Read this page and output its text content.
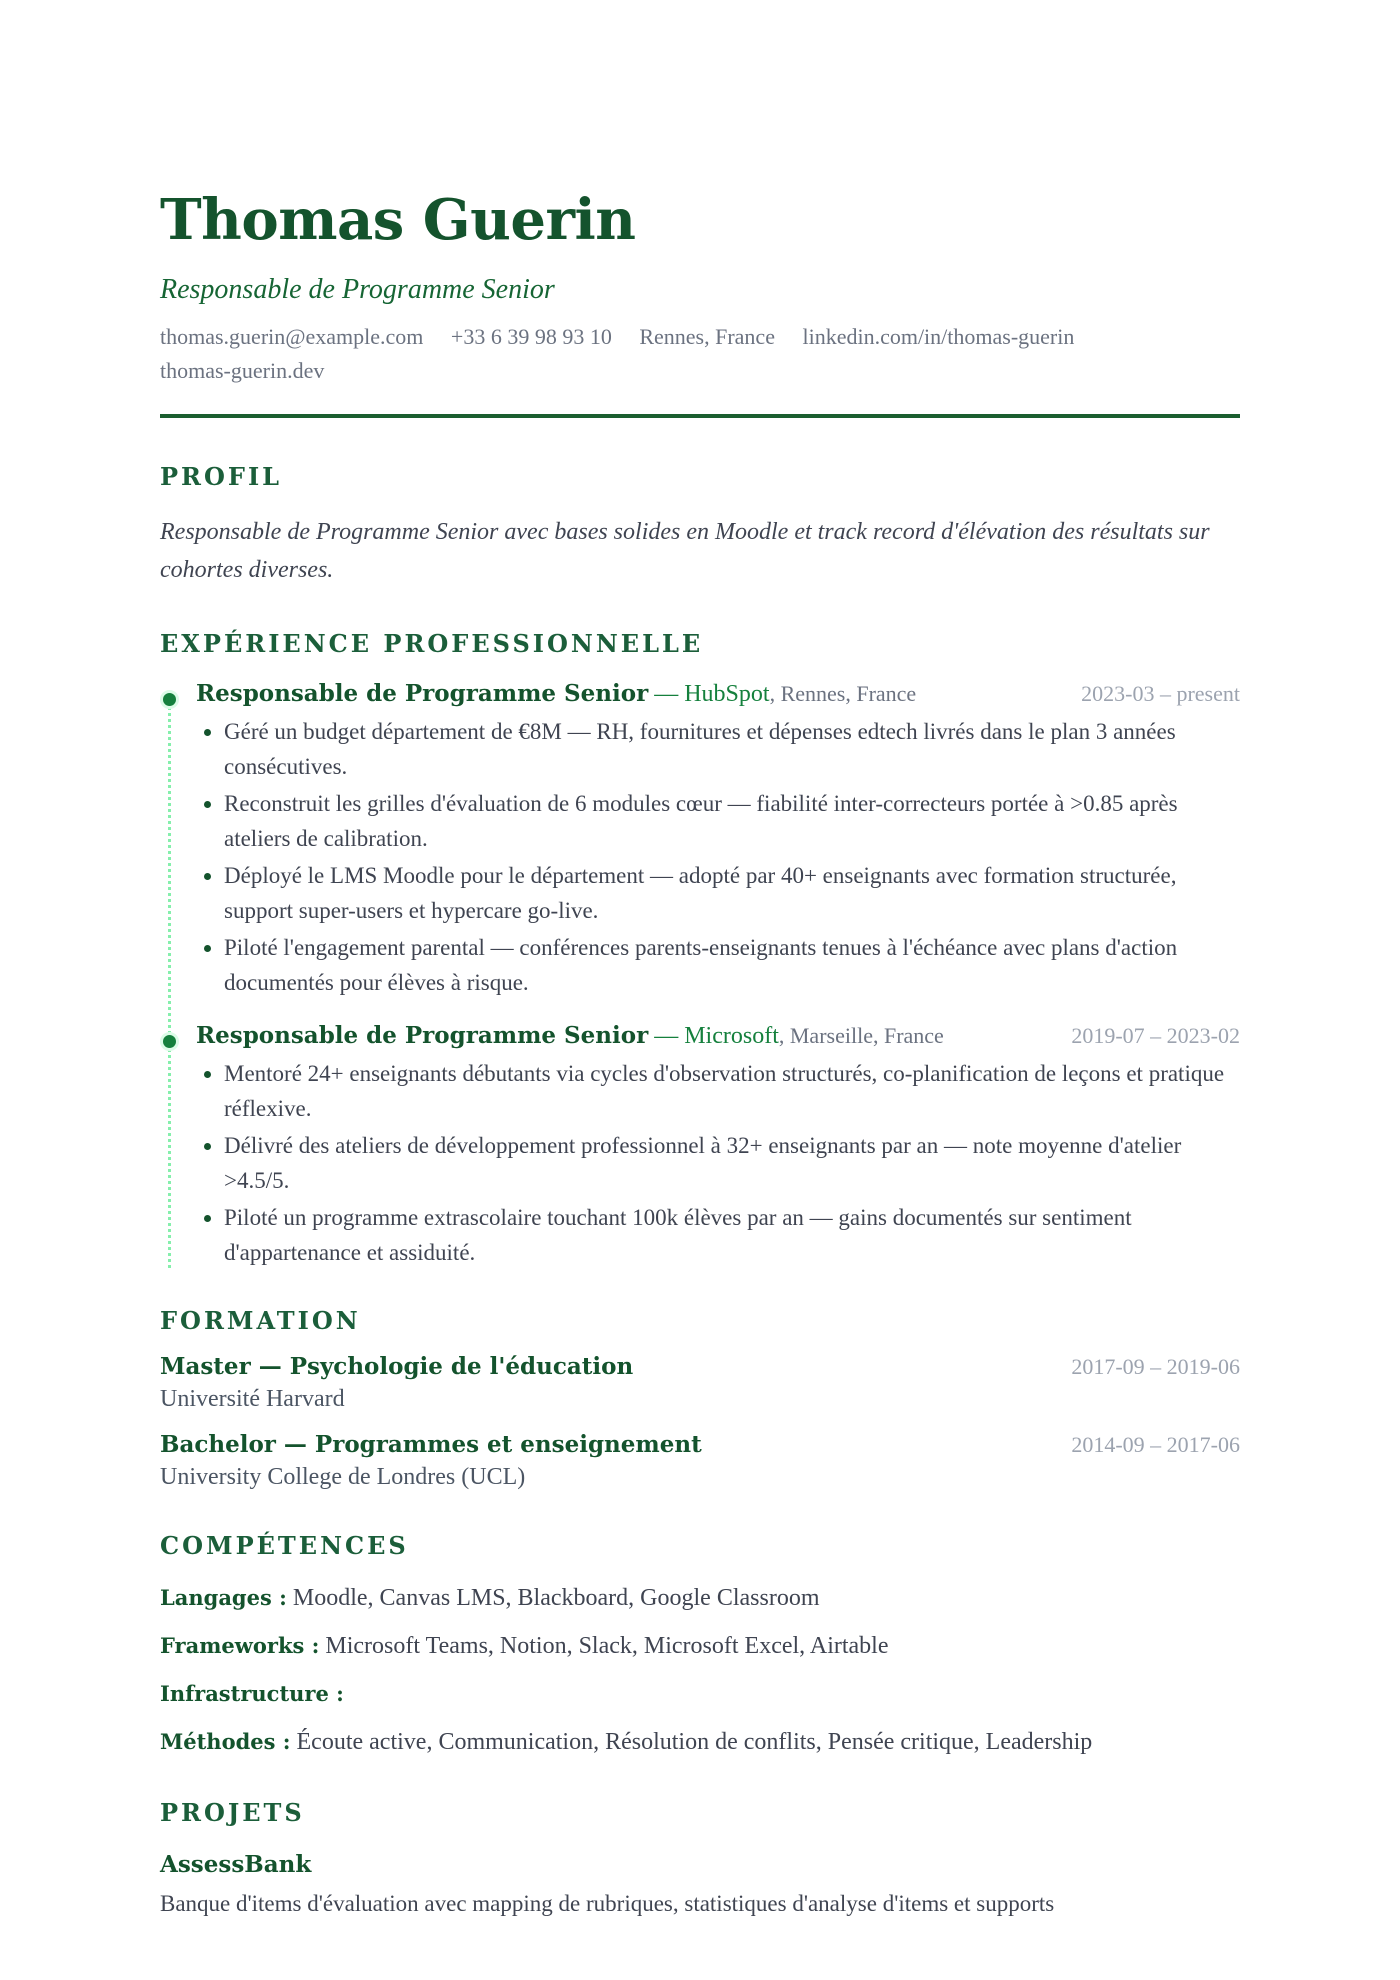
Thomas Guerin
Responsable de Programme Senior
thomas.guerin@example.com +33 6 39 98 93 10 Rennes, France linkedin.com/in/thomas-guerin thomas-guerin.dev
PROFIL
Responsable de Programme Senior avec bases solides en Moodle et track record d'élévation des résultats sur cohortes diverses.
EXPÉRIENCE PROFESSIONNELLE
Responsable de Programme Senior — HubSpot, Rennes, France	2023-03 – present
• Géré un budget département de €8M — RH, fournitures et dépenses edtech livrés dans le plan 3 années consécutives.
• Reconstruit les grilles d'évaluation de 6 modules cœur — fiabilité inter-correcteurs portée à >0.85 après ateliers de calibration.
• Déployé le LMS Moodle pour le département — adopté par 40+ enseignants avec formation structurée, support super-users et hypercare go-live.
• Piloté l'engagement parental — conférences parents-enseignants tenues à l'échéance avec plans d'action documentés pour élèves à risque.
Responsable de Programme Senior — Microsoft, Marseille, France	2019-07 – 2023-02
• Mentoré 24+ enseignants débutants via cycles d'observation structurés, co-planification de leçons et pratique réflexive.
• Délivré des ateliers de développement professionnel à 32+ enseignants par an — note moyenne d'atelier >4.5/5.
• Piloté un programme extrascolaire touchant 100k élèves par an — gains documentés sur sentiment d'appartenance et assiduité.
FORMATION
Master — Psychologie de l'éducation	2017-09 – 2019-06
Université Harvard
Bachelor — Programmes et enseignement	2014-09 – 2017-06
University College de Londres (UCL)
COMPÉTENCES
Langages : Moodle, Canvas LMS, Blackboard, Google Classroom
Frameworks : Microsoft Teams, Notion, Slack, Microsoft Excel, Airtable
Infrastructure :
Méthodes : Écoute active, Communication, Résolution de conflits, Pensée critique, Leadership
PROJETS
AssessBank
Banque d'items d'évaluation avec mapping de rubriques, statistiques d'analyse d'items et supports
